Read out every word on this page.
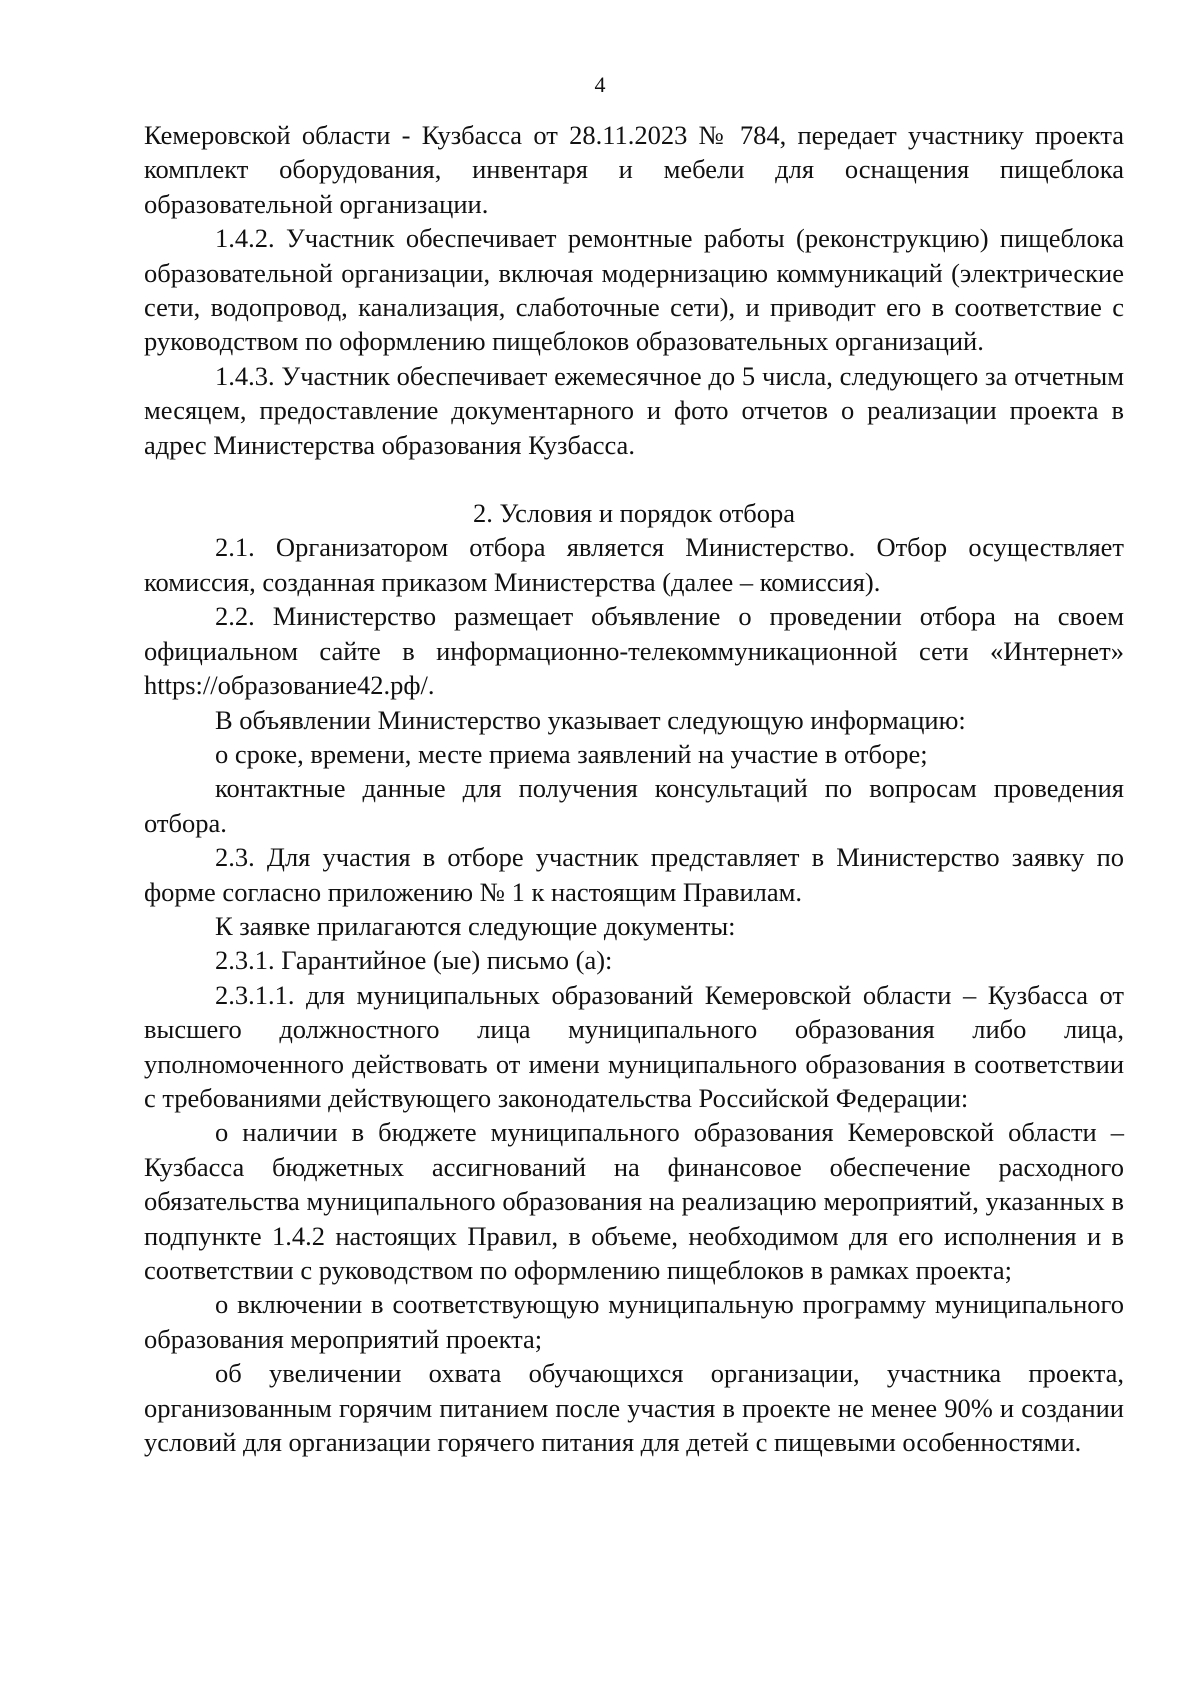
4

Кемеровской области - Кузбасса от 28.11.2023 № 784, передает участнику проекта комплект оборудования, инвентаря и мебели для оснащения пищеблока образовательной организации.

1.4.2. Участник обеспечивает ремонтные работы (реконструкцию) пищеблока образовательной организации, включая модернизацию коммуникаций (электрические сети, водопровод, канализация, слаботочные сети), и приводит его в соответствие с руководством по оформлению пищеблоков образовательных организаций.

1.4.3. Участник обеспечивает ежемесячное до 5 числа, следующего за отчетным месяцем, предоставление документарного и фото отчетов о реализации проекта в адрес Министерства образования Кузбасса.

2. Условия и порядок отбора

2.1. Организатором отбора является Министерство. Отбор осуществляет комиссия, созданная приказом Министерства (далее – комиссия).

2.2. Министерство размещает объявление о проведении отбора на своем официальном сайте в информационно-телекоммуникационной сети «Интернет» https://образование42.рф/.

В объявлении Министерство указывает следующую информацию:

о сроке, времени, месте приема заявлений на участие в отборе;

контактные данные для получения консультаций по вопросам проведения отбора.

2.3. Для участия в отборе участник представляет в Министерство заявку по форме согласно приложению № 1 к настоящим Правилам.

К заявке прилагаются следующие документы:

2.3.1. Гарантийное (ые) письмо (а):

2.3.1.1. для муниципальных образований Кемеровской области – Кузбасса от высшего должностного лица муниципального образования либо лица, уполномоченного действовать от имени муниципального образования в соответствии с требованиями действующего законодательства Российской Федерации:

о наличии в бюджете муниципального образования Кемеровской области – Кузбасса бюджетных ассигнований на финансовое обеспечение расходного обязательства муниципального образования на реализацию мероприятий, указанных в подпункте 1.4.2 настоящих Правил, в объеме, необходимом для его исполнения и в соответствии с руководством по оформлению пищеблоков в рамках проекта;

о включении в соответствующую муниципальную программу муниципального образования мероприятий проекта;

об увеличении охвата обучающихся организации, участника проекта, организованным горячим питанием после участия в проекте не менее 90% и создании условий для организации горячего питания для детей с пищевыми особенностями.
